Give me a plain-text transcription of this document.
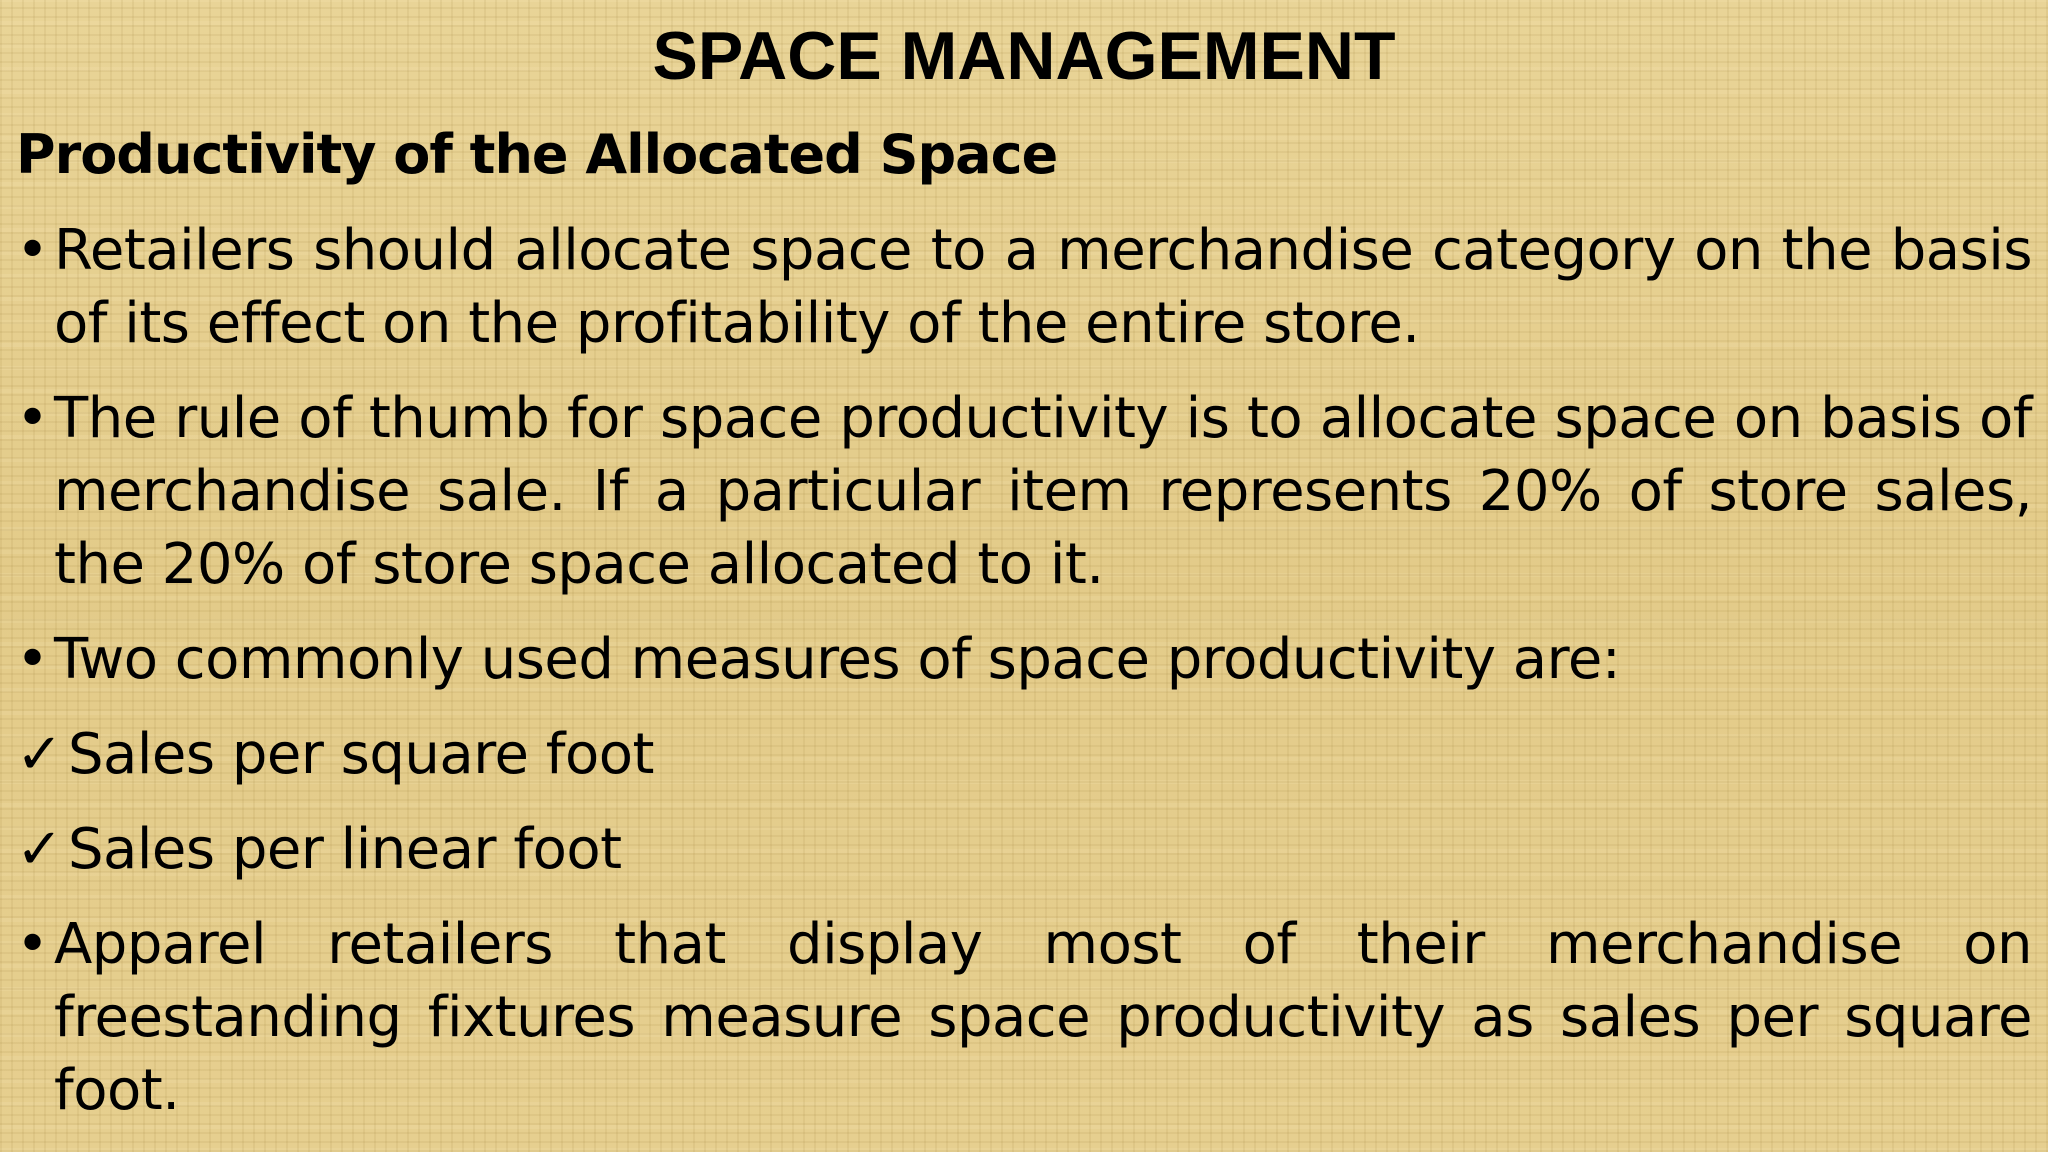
SPACE MANAGEMENT
Productivity of the Allocated Space
• Retailers should allocate space to a merchandise category on the basis of its effect on the profitability of the entire store.
• The rule of thumb for space productivity is to allocate space on basis of merchandise sale. If a particular item represents 20% of store sales, the 20% of store space allocated to it.
• Two commonly used measures of space productivity are:
✓ Sales per square foot
✓ Sales per linear foot
• Apparel retailers that display most of their merchandise on freestanding fixtures measure space productivity as sales per square foot.
